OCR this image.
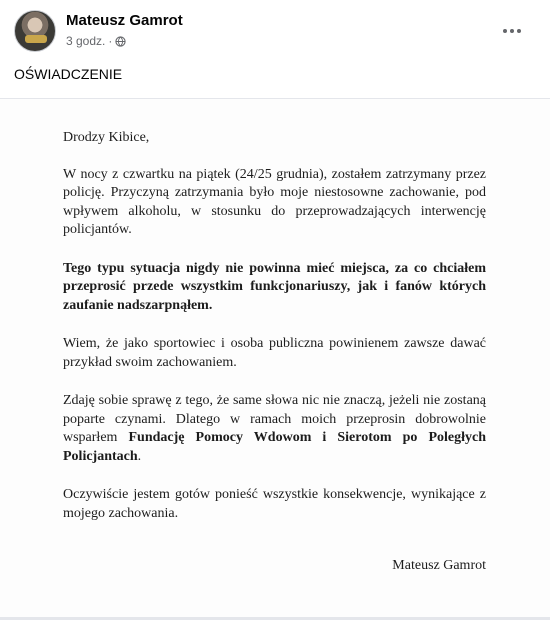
Mateusz Gamrot
3 godz. ·
OŚWIADCZENIE

Drodzy Kibice,

W nocy z czwartku na piątek (24/25 grudnia), zostałem zatrzymany przez policję. Przyczyną zatrzymania było moje niestosowne zachowanie, pod wpływem alkoholu, w stosunku do przeprowadzających interwencję policjantów.

Tego typu sytuacja nigdy nie powinna mieć miejsca, za co chciałem przeprosić przede wszystkim funkcjonariuszy, jak i fanów których zaufanie nadszarpnąłem.

Wiem, że jako sportowiec i osoba publiczna powinienem zawsze dawać przykład swoim zachowaniem.

Zdaję sobie sprawę z tego, że same słowa nic nie znaczą, jeżeli nie zostaną poparte czynami. Dlatego w ramach moich przeprosin dobrowolnie wsparłem Fundację Pomocy Wdowom i Sierotom po Poległych Policjantach.

Oczywiście jestem gotów ponieść wszystkie konsekwencje, wynikające z mojego zachowania.

Mateusz Gamrot
